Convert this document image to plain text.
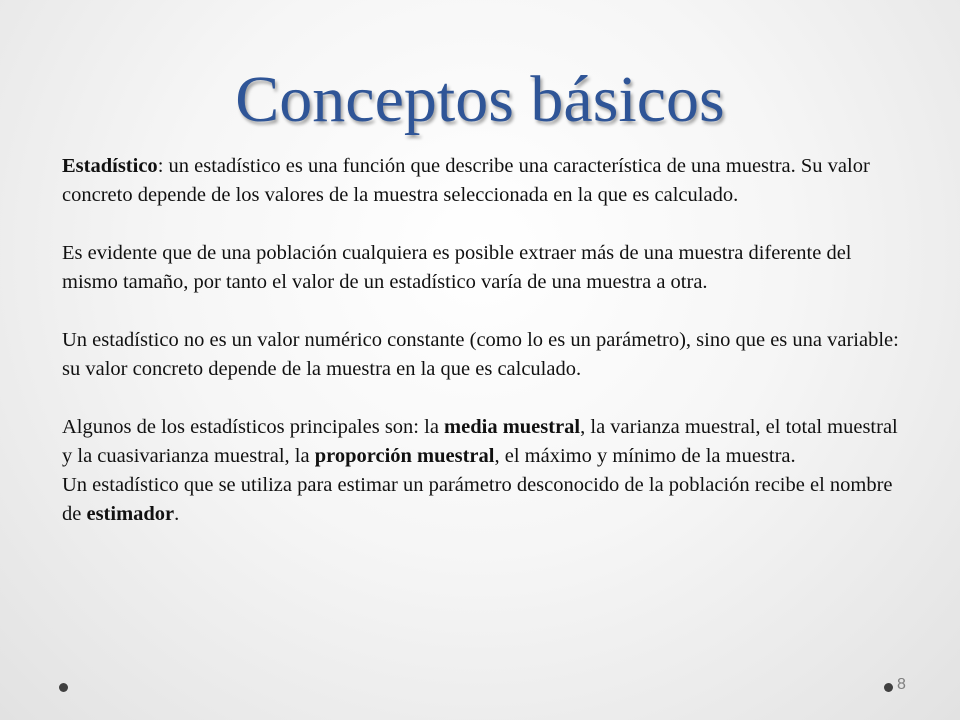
Conceptos básicos

Estadístico: un estadístico es una función que describe una característica de una muestra. Su valor concreto depende de los valores de la muestra seleccionada en la que es calculado.

Es evidente que de una población cualquiera es posible extraer más de una muestra diferente del mismo tamaño, por tanto el valor de un estadístico varía de una muestra a otra.

Un estadístico no es un valor numérico constante (como lo es un parámetro), sino que es una variable: su valor concreto depende de la muestra en la que es calculado.

Algunos de los estadísticos principales son: la media muestral, la varianza muestral, el total muestral y la cuasivarianza muestral, la proporción muestral, el máximo y mínimo de la muestra.

Un estadístico que se utiliza para estimar un parámetro desconocido de la población recibe el nombre de estimador.

8
